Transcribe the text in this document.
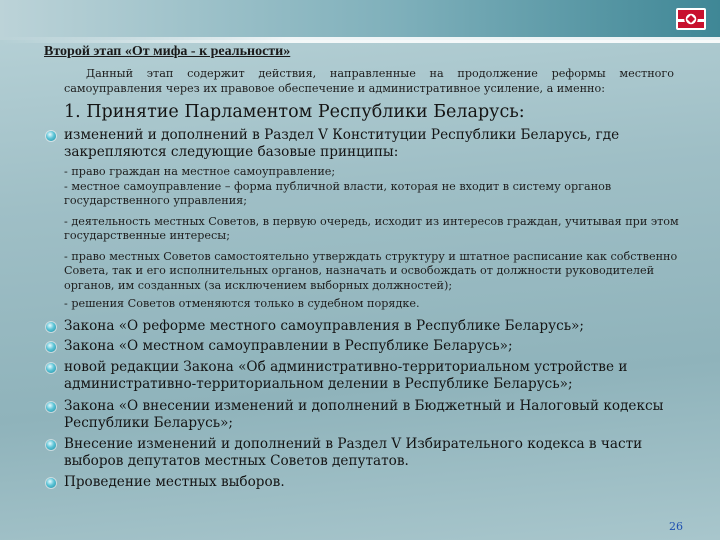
Второй этап «От мифа - к реальности»
Данный этап содержит действия, направленные на продолжение реформы местного самоуправления через их правовое обеспечение и административное усиление, а именно:
1. Принятие Парламентом Республики Беларусь:
изменений и дополнений в Раздел V Конституции Республики Беларусь, где закрепляются следующие базовые принципы:
- право граждан на местное самоуправление;
- местное самоуправление – форма публичной власти, которая не входит в систему органов государственного управления;
- деятельность местных Советов, в первую очередь, исходит из интересов граждан, учитывая при этом государственные интересы;
- право местных Советов самостоятельно утверждать структуру и штатное расписание как собственно Совета, так и его исполнительных органов, назначать и освобождать от должности руководителей органов, им созданных (за исключением выборных должностей);
- решения Советов отменяются только в судебном порядке.
Закона «О реформе местного самоуправления в Республике Беларусь»;
Закона «О местном самоуправлении в Республике Беларусь»;
новой редакции Закона «Об административно-территориальном устройстве и административно-территориальном делении в Республике Беларусь»;
Закона «О внесении изменений и дополнений в Бюджетный и Налоговый кодексы Республики Беларусь»;
Внесение изменений и дополнений в Раздел V Избирательного кодекса в части выборов депутатов местных Советов депутатов.
Проведение местных выборов.
26
